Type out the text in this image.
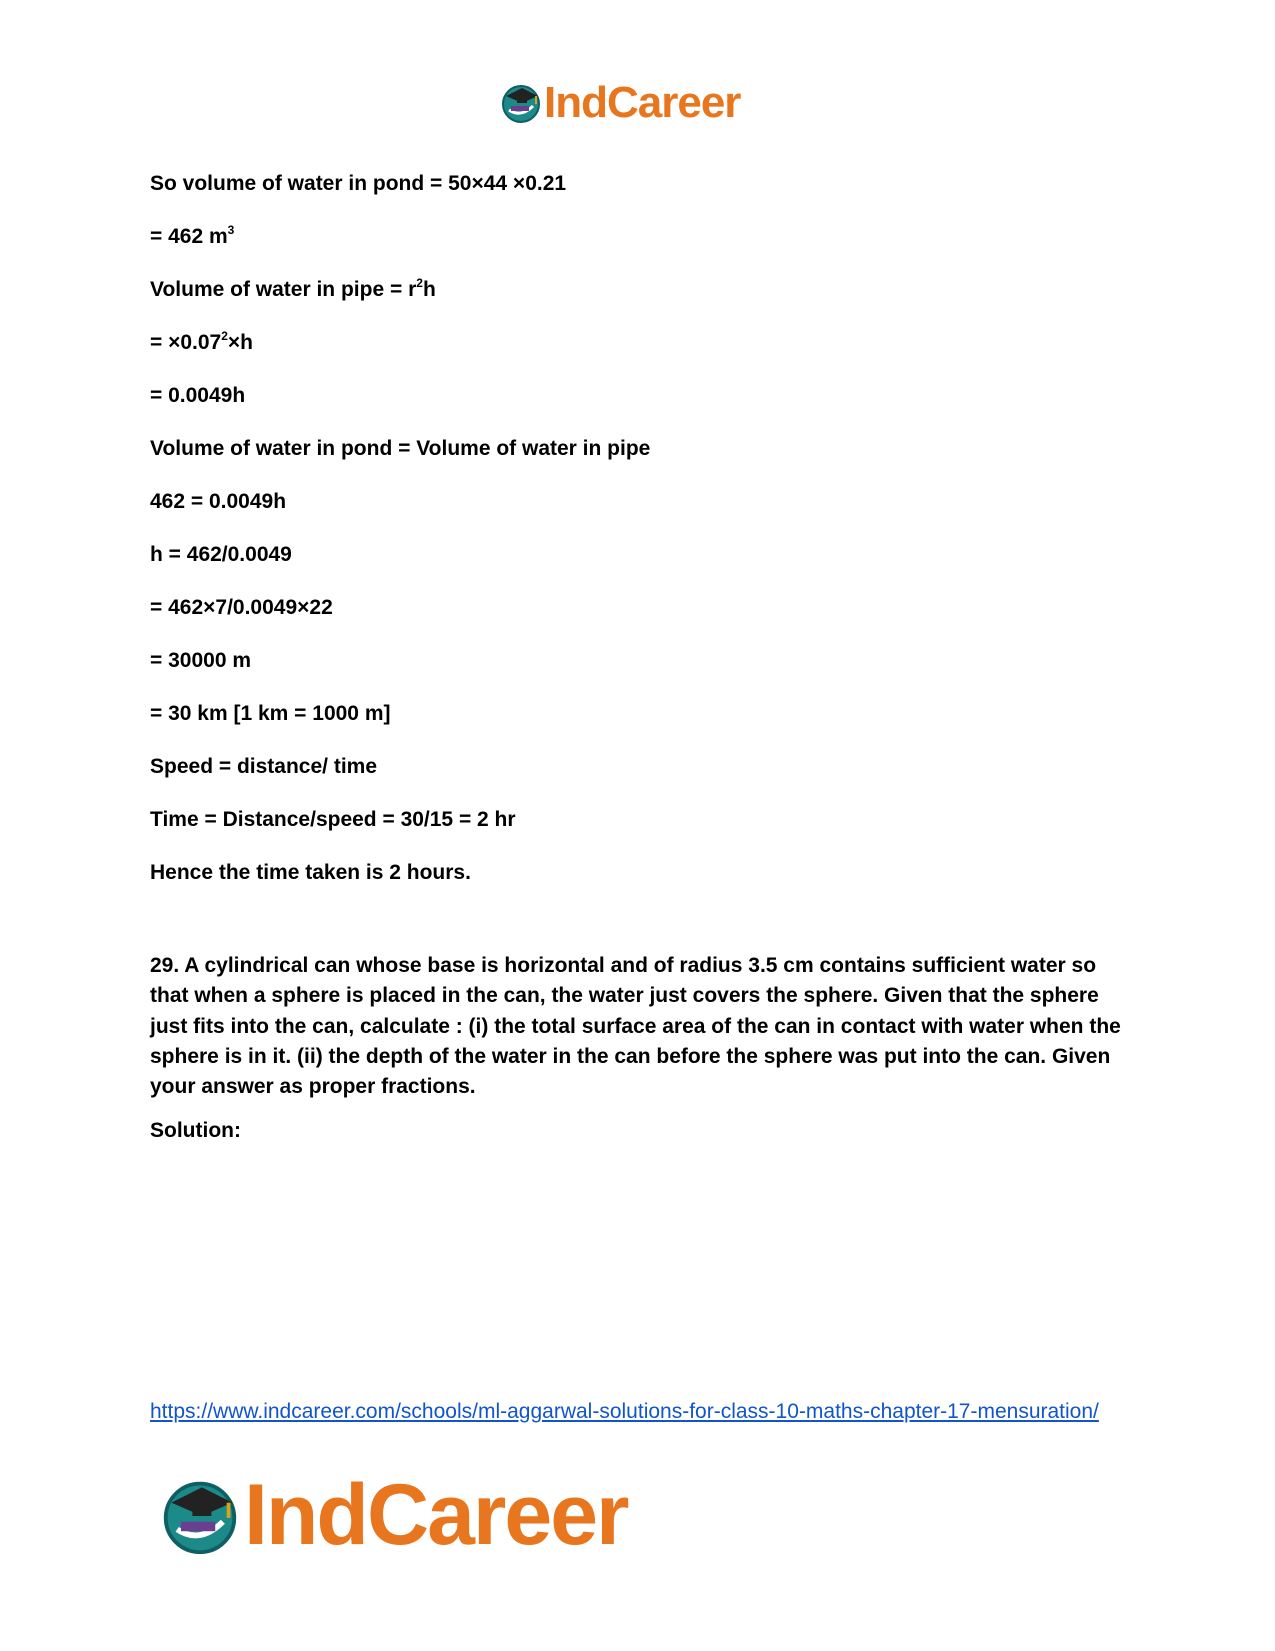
IndCareer
So volume of water in pond = 50×44 ×0.21
= 462 $m^3$
Volume of water in pipe = $r^2h$
= $\times 0.07^2\times h$
= 0.0049h
Volume of water in pond = Volume of water in pipe
462 = 0.0049h
h = 462/0.0049
= 462×7/0.0049×22
= 30000 m
= 30 km [1 km = 1000 m]
Speed = distance/ time
Time = Distance/speed = 30/15 = 2 hr
Hence the time taken is 2 hours.
29. A cylindrical can whose base is horizontal and of radius 3.5 cm contains sufficient water so that when a sphere is placed in the can, the water just covers the sphere. Given that the sphere just fits into the can, calculate : (i) the total surface area of the can in contact with water when the sphere is in it. (ii) the depth of the water in the can before the sphere was put into the can. Given your answer as proper fractions.
Solution:
https://www.indcareer.com/schools/ml-aggarwal-solutions-for-class-10-maths-chapter-17-mensuration/
IndCareer
